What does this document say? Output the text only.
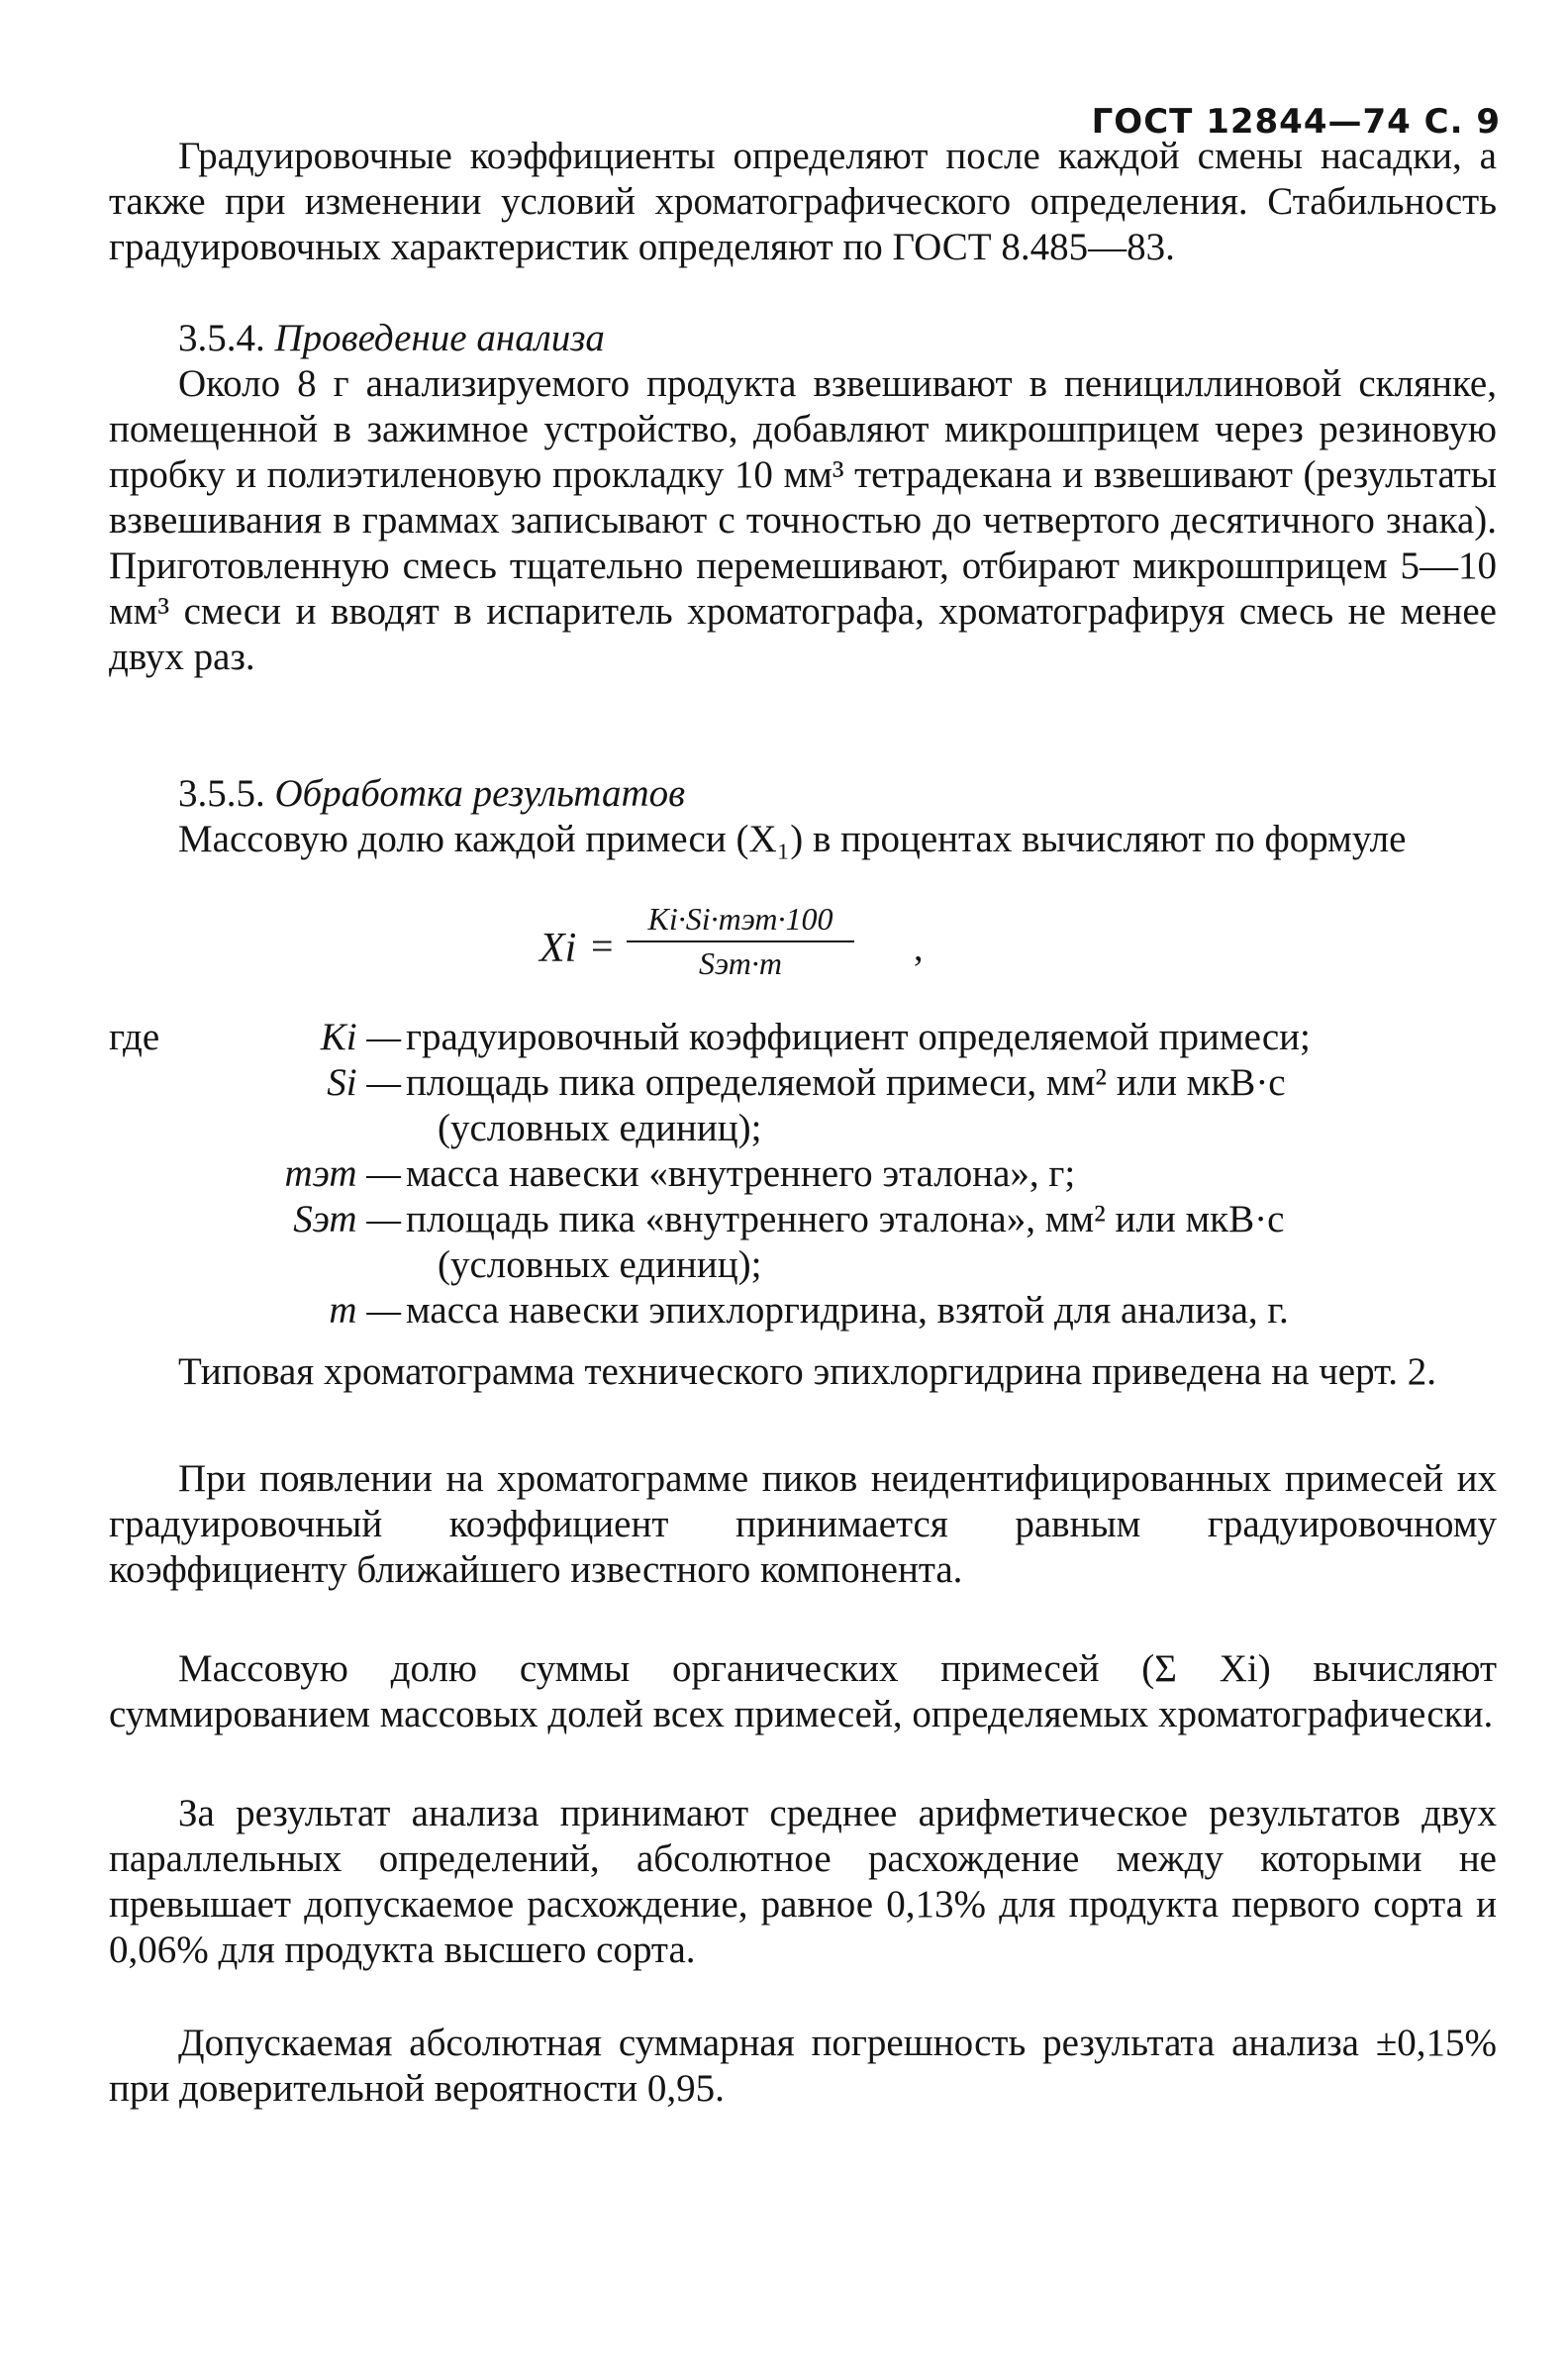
ГОСТ 12844—74 С. 9

Градуировочные коэффициенты определяют после каждой смены насадки, а также при изменении условий хроматографического определения. Стабильность градуировочных характеристик определяют по ГОСТ 8.485—83.

3.5.4. Проведение анализа

Около 8 г анализируемого продукта взвешивают в пенициллиновой склянке, помещенной в зажимное устройство, добавляют микрошприцем через резиновую пробку и полиэтиленовую прокладку 10 мм³ тетрадекана и взвешивают (результаты взвешивания в граммах записывают с точностью до четвертого десятичного знака). Приготовленную смесь тщательно перемешивают, отбирают микрошприцем 5—10 мм³ смеси и вводят в испаритель хроматографа, хроматографируя смесь не менее двух раз.

3.5.5. Обработка результатов

Массовую долю каждой примеси (X₁) в процентах вычисляют по формуле

Xi =
Ki·Si·mэт·100
Sэт·m	,
где	Ki — градуировочный коэффициент определяемой примеси;
Si — площадь пика определяемой примеси, мм² или мкВ·с
(условных единиц);
mэт — масса навески «внутреннего эталона», г;
Sэт — площадь пика «внутреннего эталона», мм² или мкВ·с
(условных единиц);
m — масса навески эпихлоргидрина, взятой для анализа, г.

Типовая хроматограмма технического эпихлоргидрина приведена на черт. 2.

При появлении на хроматограмме пиков неидентифицированных примесей их градуировочный коэффициент принимается равным градуировочному коэффициенту ближайшего известного компонента.

Массовую долю суммы органических примесей (Σ Xi) вычисляют суммированием массовых долей всех примесей, определяемых хроматографически.

За результат анализа принимают среднее арифметическое результатов двух параллельных определений, абсолютное расхождение между которыми не превышает допускаемое расхождение, равное 0,13% для продукта первого сорта и 0,06% для продукта высшего сорта.

Допускаемая абсолютная суммарная погрешность результата анализа ±0,15% при доверительной вероятности 0,95.
